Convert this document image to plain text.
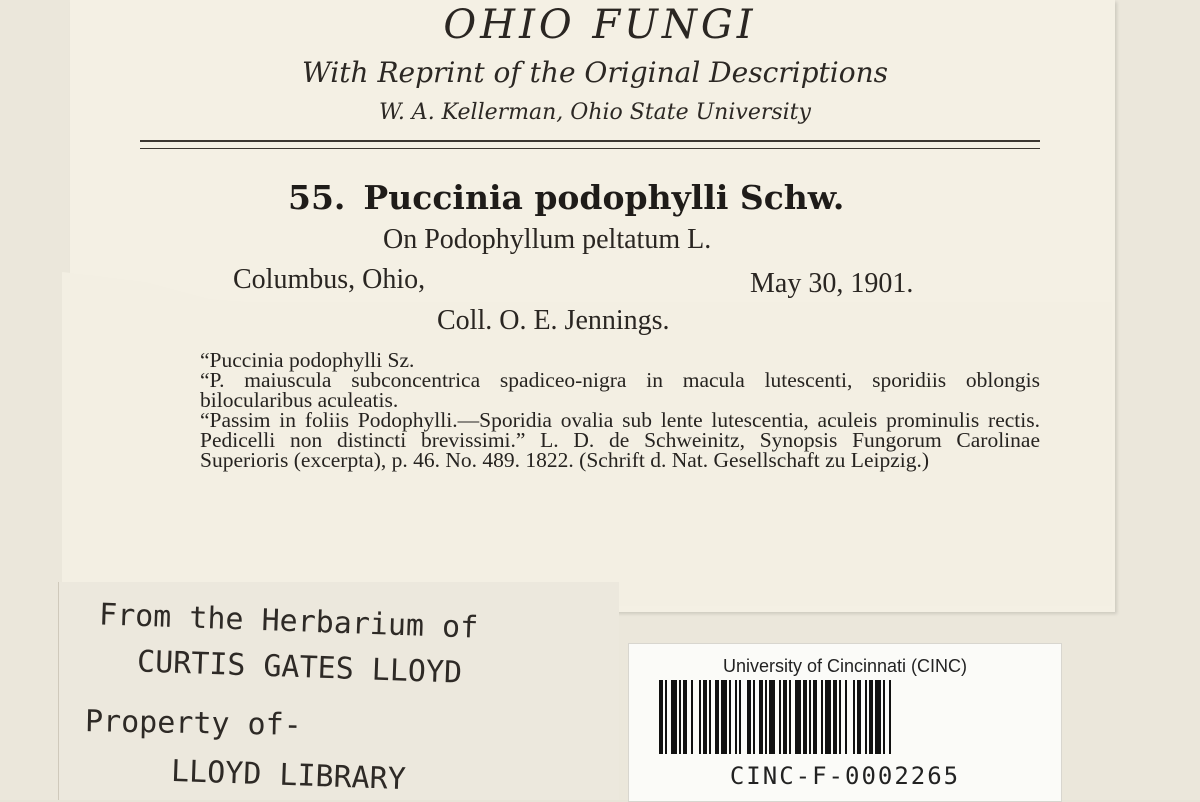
OHIO FUNGI
With Reprint of the Original Descriptions
W. A. Kellerman, Ohio State University
55. Puccinia podophylli Schw.
On Podophyllum peltatum L.
Columbus, Ohio,	May 30, 1901.
Coll. O. E. Jennings.

“Puccinia podophylli Sz.

“P. maiuscula subconcentrica spadiceo-nigra in macula lutescenti, sporidiis oblongis bilocularibus aculeatis.

“Passim in foliis Podophylli.—Sporidia ovalia sub lente lutescentia, aculeis prominulis rectis. Pedicelli non distincti brevissimi.” L. D. de Schweinitz, Synopsis Fungorum Carolinae Superioris (excerpta), p. 46. No. 489. 1822. (Schrift d. Nat. Gesellschaft zu Leipzig.)

From the Herbarium of
CURTIS GATES LLOYD
Property of-
LLOYD LIBRARY
University of Cincinnati (CINC)
CINC-F-0002265
